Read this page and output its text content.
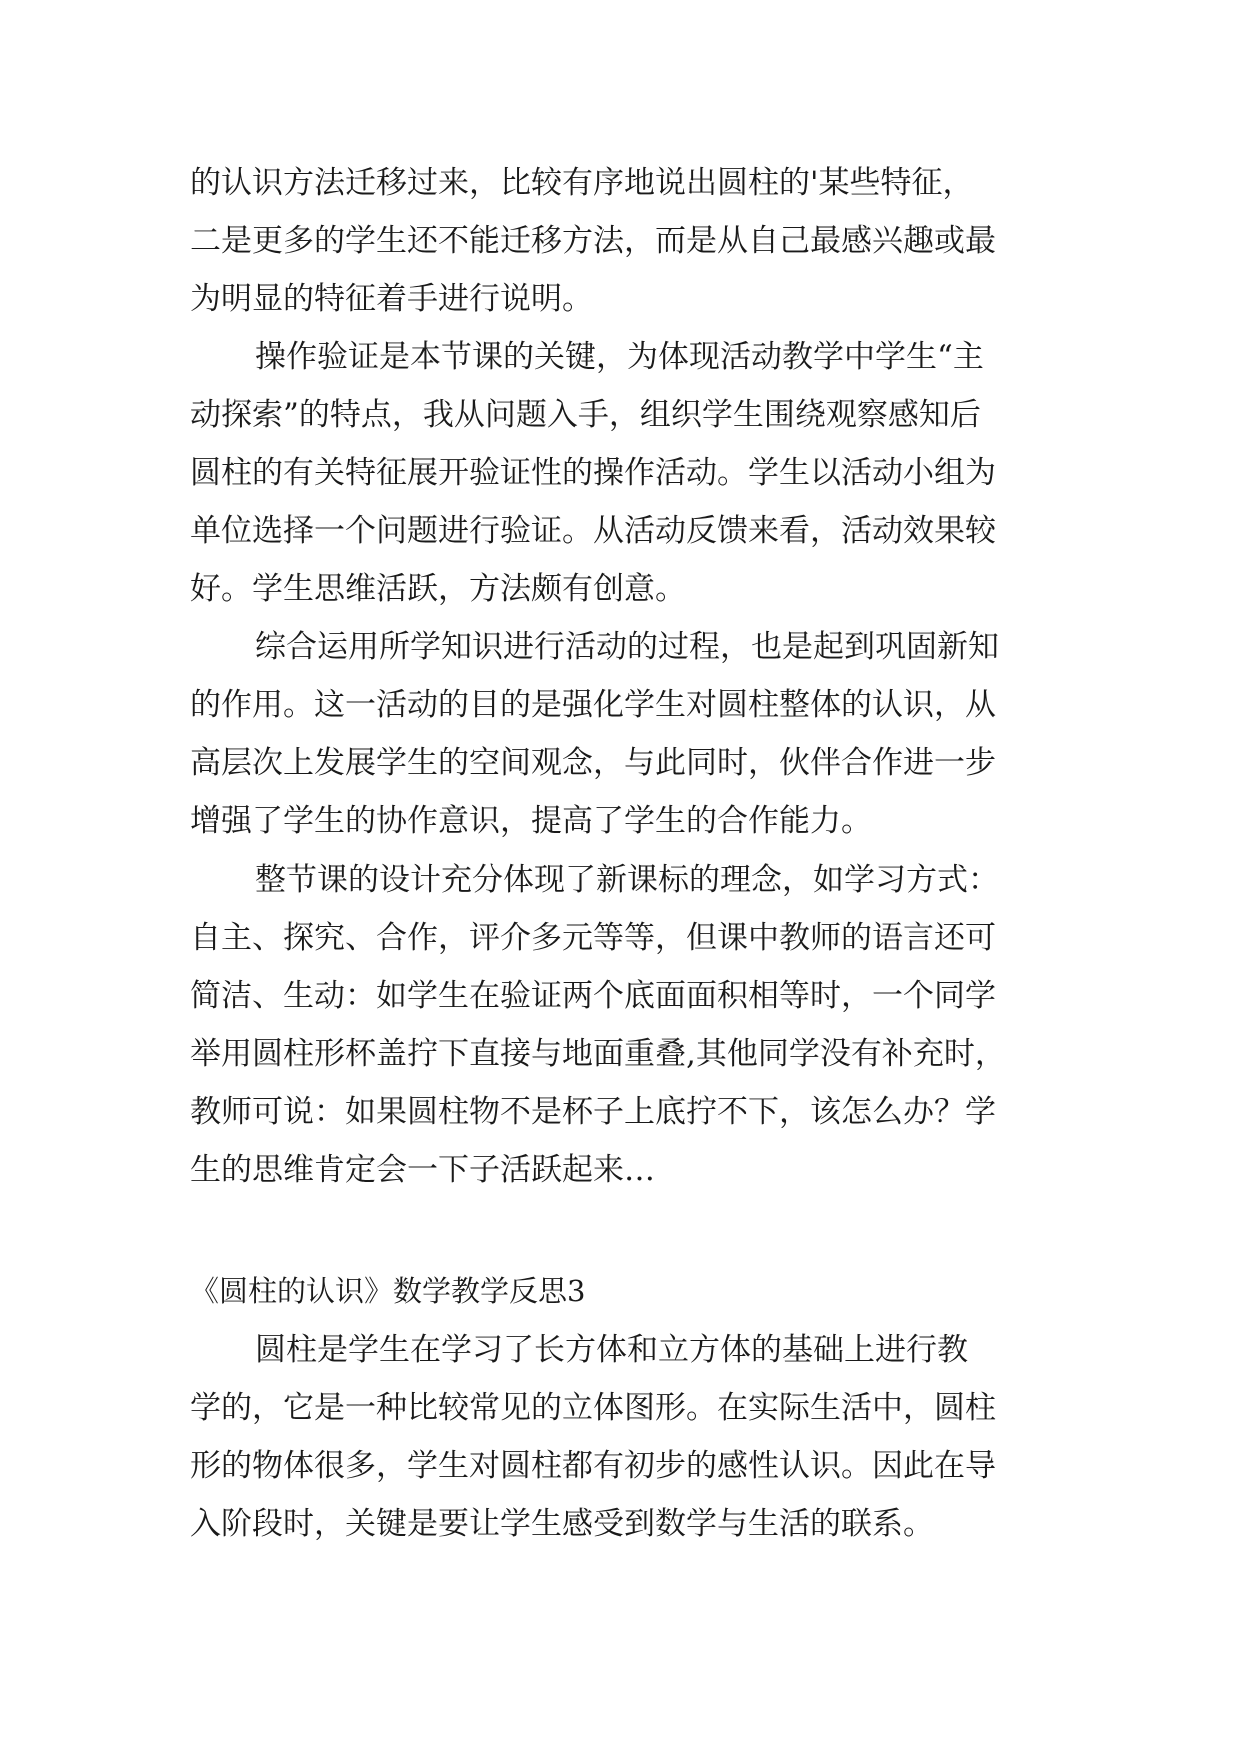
的认识方法迁移过来，比较有序地说出圆柱的'某些特征，
二是更多的学生还不能迁移方法，而是从自己最感兴趣或最
为明显的特征着手进行说明。
操作验证是本节课的关键，为体现活动教学中学生“主
动探索”的特点，我从问题入手，组织学生围绕观察感知后
圆柱的有关特征展开验证性的操作活动。学生以活动小组为
单位选择一个问题进行验证。从活动反馈来看，活动效果较
好。学生思维活跃，方法颇有创意。
综合运用所学知识进行活动的过程，也是起到巩固新知
的作用。这一活动的目的是强化学生对圆柱整体的认识，从
高层次上发展学生的空间观念，与此同时，伙伴合作进一步
增强了学生的协作意识，提高了学生的合作能力。
整节课的设计充分体现了新课标的理念，如学习方式：
自主、探究、合作，评介多元等等，但课中教师的语言还可
简洁、生动：如学生在验证两个底面面积相等时，一个同学
举用圆柱形杯盖拧下直接与地面重叠,其他同学没有补充时，
教师可说：如果圆柱物不是杯子上底拧不下，该怎么办？学
生的思维肯定会一下子活跃起来…
《圆柱的认识》数学教学反思3
圆柱是学生在学习了长方体和立方体的基础上进行教
学的，它是一种比较常见的立体图形。在实际生活中，圆柱
形的物体很多，学生对圆柱都有初步的感性认识。因此在导
入阶段时，关键是要让学生感受到数学与生活的联系。
